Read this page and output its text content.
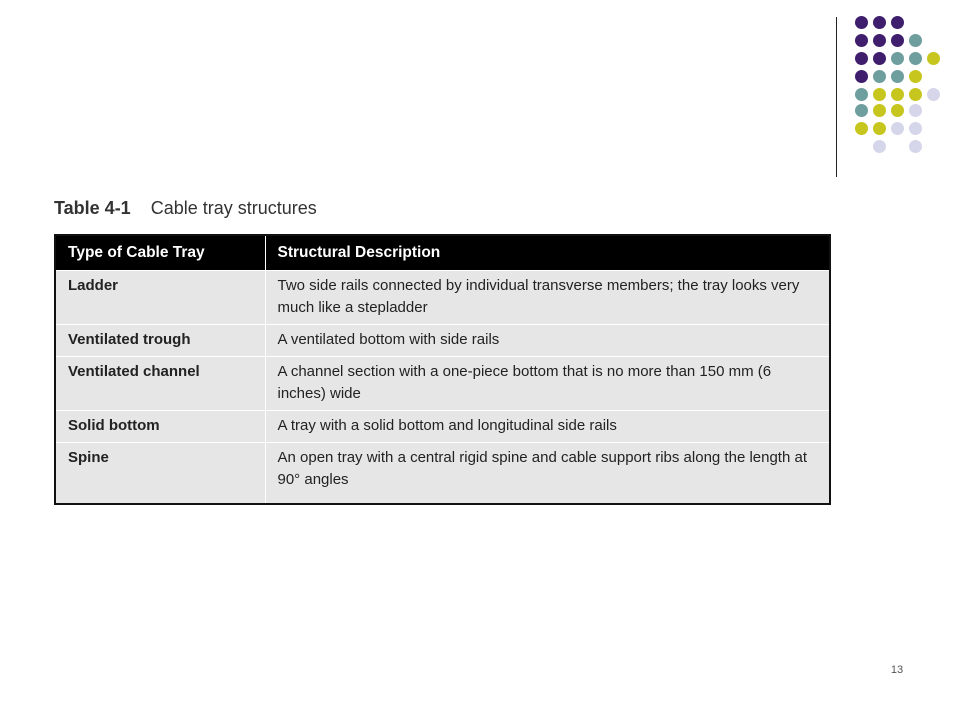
Table 4-1 Cable tray structures
Type of Cable Tray	Structural Description
Ladder	Two side rails connected by individual transverse members; the tray looks very much like a stepladder
Ventilated trough	A ventilated bottom with side rails
Ventilated channel	A channel section with a one-piece bottom that is no more than 150 mm (6 inches) wide
Solid bottom	A tray with a solid bottom and longitudinal side rails
Spine	An open tray with a central rigid spine and cable support ribs along the length at 90° angles
13
